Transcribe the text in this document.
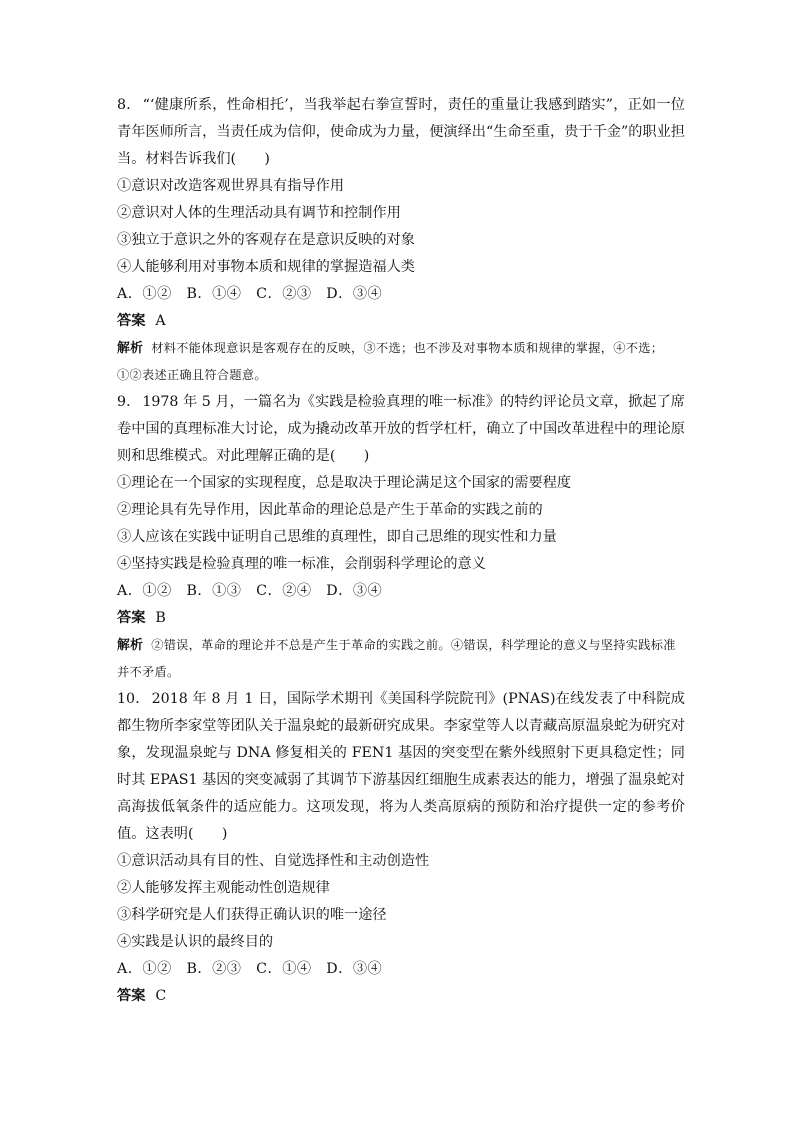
8． “‘健康所系，性命相托’，当我举起右拳宣誓时，责任的重量让我感到踏实”，正如一位青年医师所言，当责任成为信仰，使命成为力量，便演绎出“生命至重，贵于千金”的职业担当。材料告诉我们(　　)

①意识对改造客观世界具有指导作用

②意识对人体的生理活动具有调节和控制作用

③独立于意识之外的客观存在是意识反映的对象

④人能够利用对事物本质和规律的掌握造福人类

A．①②　B．①④　C．②③　D．③④

答案 A

解析 材料不能体现意识是客观存在的反映，③不选；也不涉及对事物本质和规律的掌握，④不选；①②表述正确且符合题意。

9． 1978 年 5 月，一篇名为《实践是检验真理的唯一标准》的特约评论员文章，掀起了席卷中国的真理标准大讨论，成为撬动改革开放的哲学杠杆，确立了中国改革进程中的理论原则和思维模式。对此理解正确的是(　　)

①理论在一个国家的实现程度，总是取决于理论满足这个国家的需要程度

②理论具有先导作用，因此革命的理论总是产生于革命的实践之前的

③人应该在实践中证明自己思维的真理性，即自己思维的现实性和力量

④坚持实践是检验真理的唯一标准，会削弱科学理论的意义

A．①②　B．①③　C．②④　D．③④

答案 B

解析 ②错误，革命的理论并不总是产生于革命的实践之前。④错误，科学理论的意义与坚持实践标准并不矛盾。

10． 2018 年 8 月 1 日，国际学术期刊《美国科学院院刊》(PNAS)在线发表了中科院成都生物所李家堂等团队关于温泉蛇的最新研究成果。李家堂等人以青藏高原温泉蛇为研究对象，发现温泉蛇与 DNA 修复相关的 FEN1 基因的突变型在紫外线照射下更具稳定性；同时其 EPAS1 基因的突变减弱了其调节下游基因红细胞生成素表达的能力，增强了温泉蛇对高海拔低氧条件的适应能力。这项发现，将为人类高原病的预防和治疗提供一定的参考价值。这表明(　　)

①意识活动具有目的性、自觉选择性和主动创造性

②人能够发挥主观能动性创造规律

③科学研究是人们获得正确认识的唯一途径

④实践是认识的最终目的

A．①②　B．②③　C．①④　D．③④

答案 C
